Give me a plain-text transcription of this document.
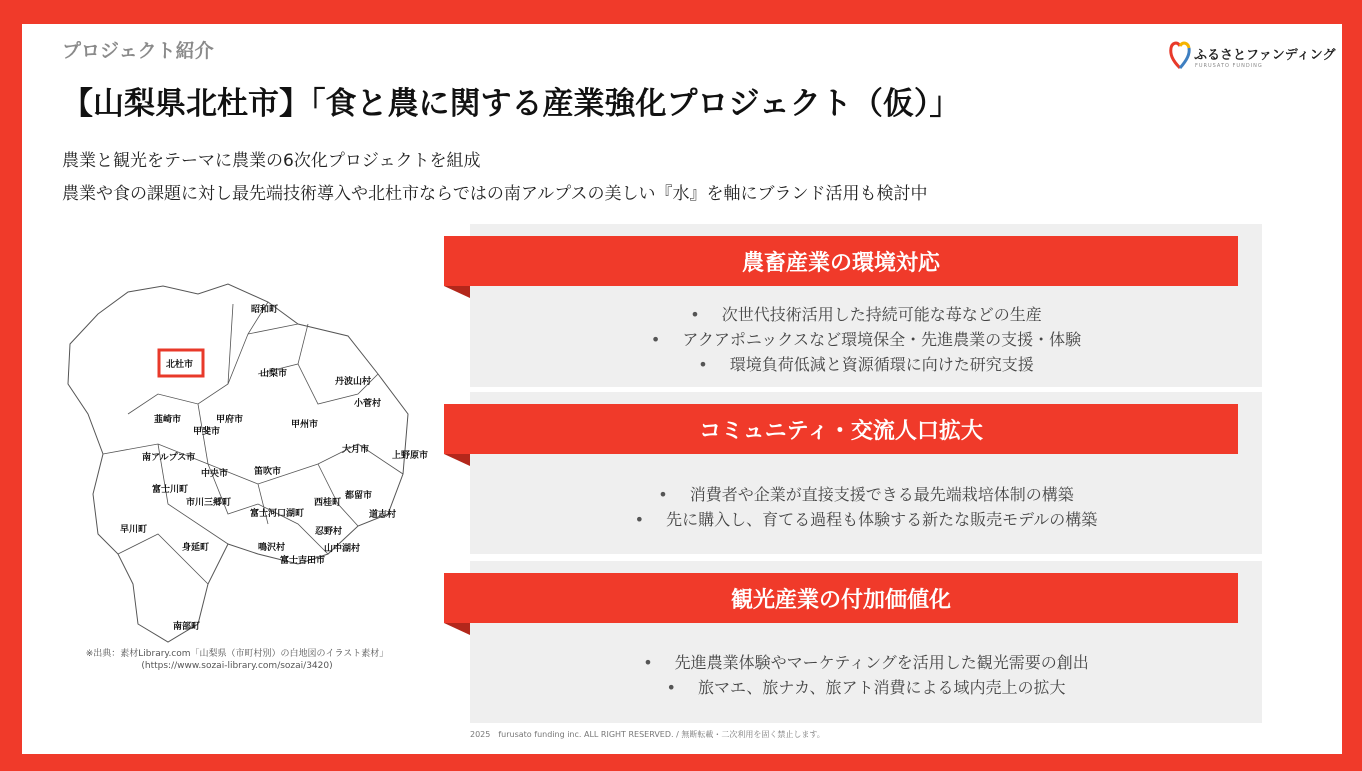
プロジェクト紹介
【山梨県北杜市】「食と農に関する産業強化プロジェクト（仮）」
農業と観光をテーマに農業の6次化プロジェクトを組成
農業や食の課題に対し最先端技術導入や北杜市ならではの南アルプスの美しい『水』を軸にブランド活用も検討中
ふるさとファンディング
FURUSATO FUNDING
昭和町
北杜市
山梨市
丹波山村
小菅村
韮崎市
甲斐市
甲府市	甲州市
南アルプス市
大月市
上野原市
中央市	笛吹市
富士川町
市川三郷町
都留市
富士河口湖町
西桂町
道志村
早川町
身延町
忍野村
鳴沢村	山中湖村
富士吉田市
南部町
※出典：素材Library.com「山梨県（市町村別）の白地図のイラスト素材」
(https://www.sozai-library.com/sozai/3420)
農畜産業の環境対応
• 次世代技術活用した持続可能な苺などの生産
• アクアポニックスなど環境保全・先進農業の支援・体験
• 環境負荷低減と資源循環に向けた研究支援
コミュニティ・交流人口拡大
• 消費者や企業が直接支援できる最先端栽培体制の構築
• 先に購入し、育てる過程も体験する新たな販売モデルの構築
観光産業の付加価値化
• 先進農業体験やマーケティングを活用した観光需要の創出
• 旅マエ、旅ナカ、旅アト消費による域内売上の拡大
2025　furusato funding inc. ALL RIGHT RESERVED. / 無断転載・二次利用を固く禁止します。
